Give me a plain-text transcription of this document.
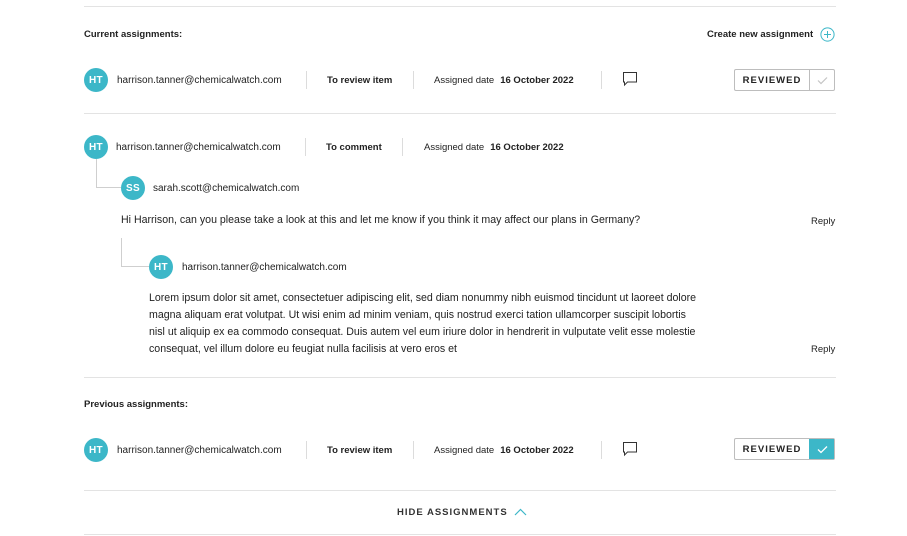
Current assignments:	Create new assignment
HT	harrison.tanner@chemicalwatch.com	To review item	Assigned date 16 October 2022	REVIEWED
HT	harrison.tanner@chemicalwatch.com	To comment	Assigned date 16 October 2022
SS	sarah.scott@chemicalwatch.com
Hi Harrison, can you please take a look at this and let me know if you think it may affect our plans in Germany?	Reply
HT	harrison.tanner@chemicalwatch.com
Lorem ipsum dolor sit amet, consectetuer adipiscing elit, sed diam nonummy nibh euismod tincidunt ut laoreet dolore
magna aliquam erat volutpat. Ut wisi enim ad minim veniam, quis nostrud exerci tation ullamcorper suscipit lobortis
nisl ut aliquip ex ea commodo consequat. Duis autem vel eum iriure dolor in hendrerit in vulputate velit esse molestie
consequat, vel illum dolore eu feugiat nulla facilisis at vero eros et	Reply
Previous assignments:
HT	harrison.tanner@chemicalwatch.com	To review item	Assigned date 16 October 2022	REVIEWED
HIDE ASSIGNMENTS
